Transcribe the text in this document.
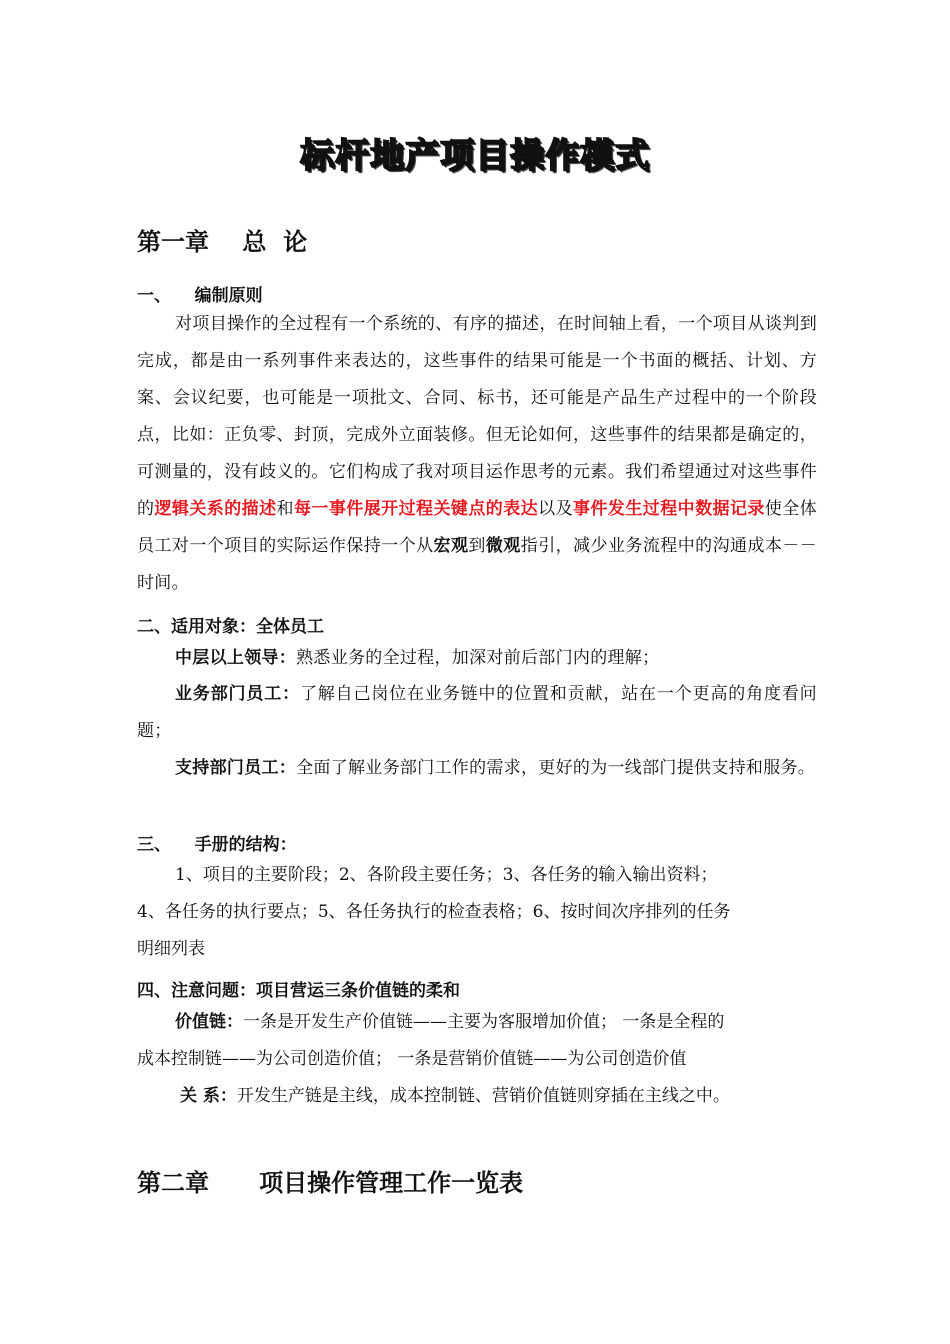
标杆地产项目操作模式
第一章    总  论
一、    编制原则
对项目操作的全过程有一个系统的、有序的描述，在时间轴上看，一个项目从谈判到完成，都是由一系列事件来表达的，这些事件的结果可能是一个书面的概括、计划、方案、会议纪要，也可能是一项批文、合同、标书，还可能是产品生产过程中的一个阶段点，比如：正负零、封顶，完成外立面装修。但无论如何，这些事件的结果都是确定的，可测量的，没有歧义的。它们构成了我对项目运作思考的元素。我们希望通过对这些事件的逻辑关系的描述和每一事件展开过程关键点的表达以及事件发生过程中数据记录使全体员工对一个项目的实际运作保持一个从宏观到微观指引，减少业务流程中的沟通成本－－时间。
二、适用对象：全体员工
中层以上领导：熟悉业务的全过程，加深对前后部门内的理解；
业务部门员工：了解自己岗位在业务链中的位置和贡献，站在一个更高的角度看问题；
支持部门员工：全面了解业务部门工作的需求，更好的为一线部门提供支持和服务。
三、    手册的结构：
1、项目的主要阶段；2、各阶段主要任务；3、各任务的输入输出资料；
4、各任务的执行要点；5、各任务执行的检查表格；6、按时间次序排列的任务
明细列表
四、注意问题：项目营运三条价值链的柔和
价值链：一条是开发生产价值链——主要为客服增加价值； 一条是全程的
成本控制链——为公司创造价值； 一条是营销价值链——为公司创造价值
关 系：开发生产链是主线，成本控制链、营销价值链则穿插在主线之中。
第二章      项目操作管理工作一览表
